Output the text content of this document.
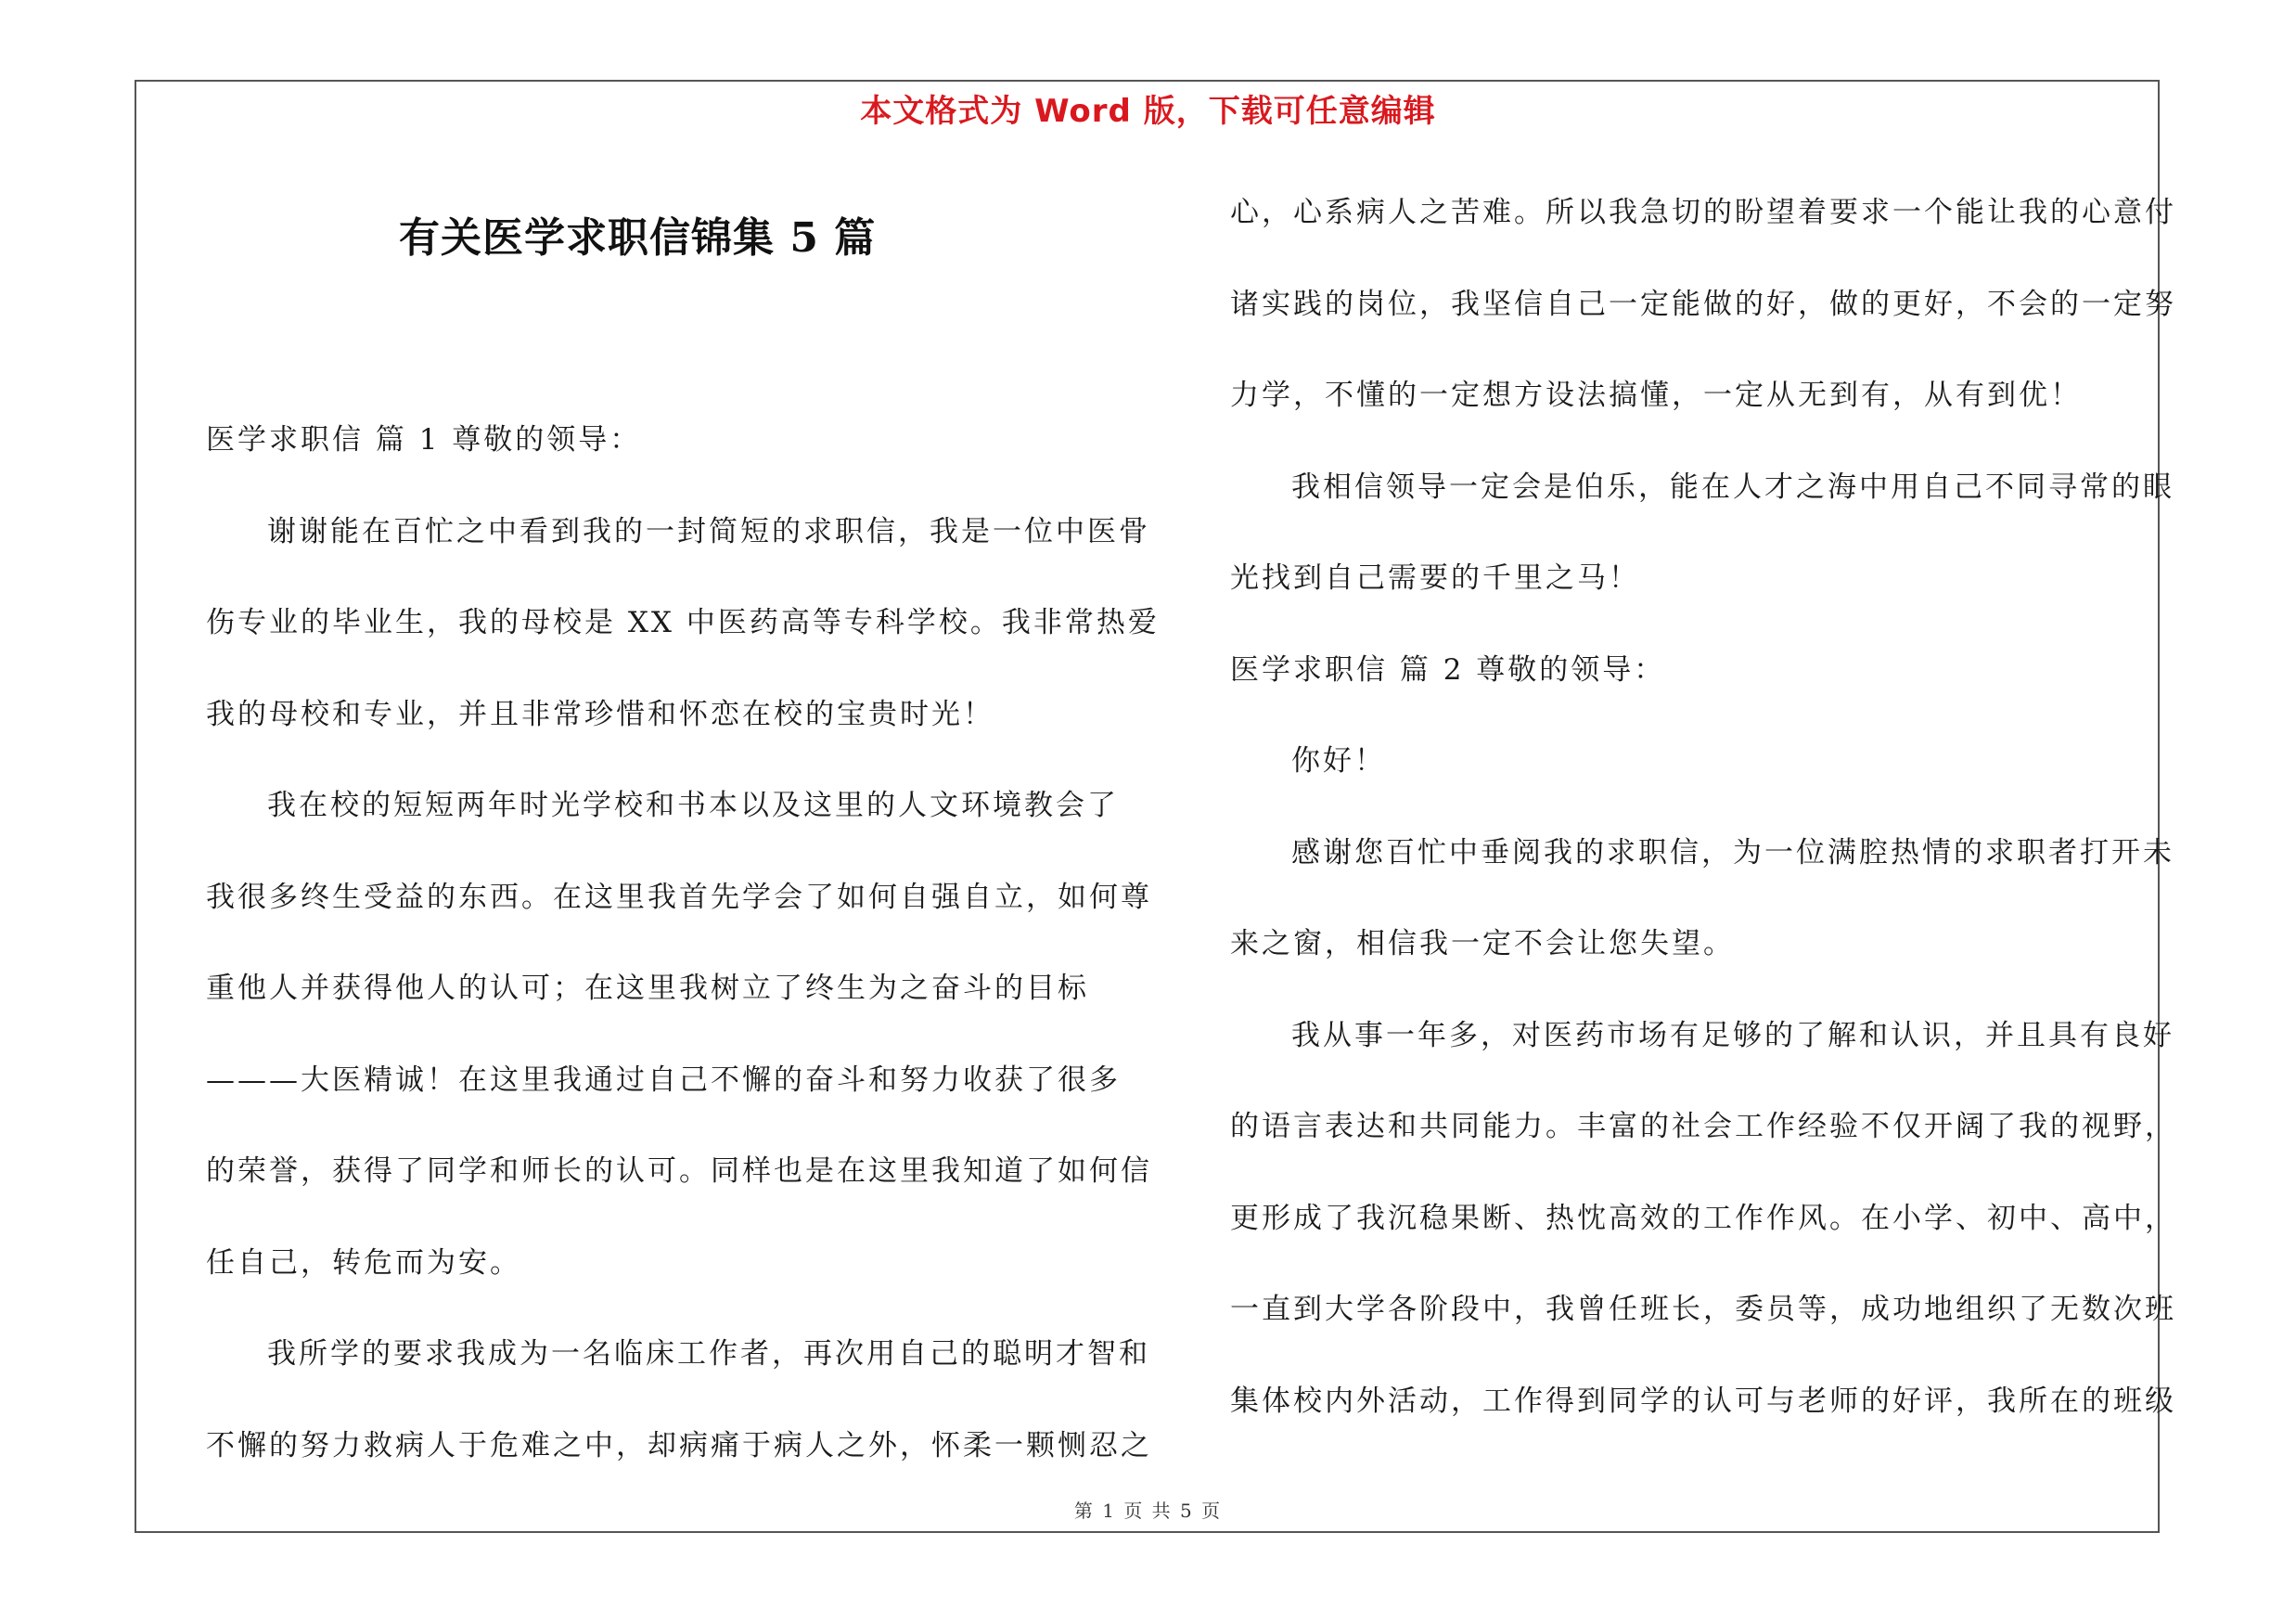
本文格式为 Word 版，下载可任意编辑
有关医学求职信锦集 5 篇
医学求职信 篇 1 尊敬的领导：
谢谢能在百忙之中看到我的一封简短的求职信，我是一位中医骨
伤专业的毕业生，我的母校是 XX 中医药高等专科学校。我非常热爱
我的母校和专业，并且非常珍惜和怀恋在校的宝贵时光！
我在校的短短两年时光学校和书本以及这里的人文环境教会了
我很多终生受益的东西。在这里我首先学会了如何自强自立，如何尊
重他人并获得他人的认可；在这里我树立了终生为之奋斗的目标
———大医精诚！在这里我通过自己不懈的奋斗和努力收获了很多
的荣誉，获得了同学和师长的认可。同样也是在这里我知道了如何信
任自己，转危而为安。
我所学的要求我成为一名临床工作者，再次用自己的聪明才智和
不懈的努力救病人于危难之中，却病痛于病人之外，怀柔一颗恻忍之
心，心系病人之苦难。所以我急切的盼望着要求一个能让我的心意付
诸实践的岗位，我坚信自己一定能做的好，做的更好，不会的一定努
力学，不懂的一定想方设法搞懂，一定从无到有，从有到优！
我相信领导一定会是伯乐，能在人才之海中用自己不同寻常的眼
光找到自己需要的千里之马！
医学求职信 篇 2 尊敬的领导：
你好！
感谢您百忙中垂阅我的求职信，为一位满腔热情的求职者打开未
来之窗，相信我一定不会让您失望。
我从事一年多，对医药市场有足够的了解和认识，并且具有良好
的语言表达和共同能力。丰富的社会工作经验不仅开阔了我的视野，
更形成了我沉稳果断、热忱高效的工作作风。在小学、初中、高中，
一直到大学各阶段中，我曾任班长，委员等，成功地组织了无数次班
集体校内外活动，工作得到同学的认可与老师的好评，我所在的班级
第 1 页 共 5 页
